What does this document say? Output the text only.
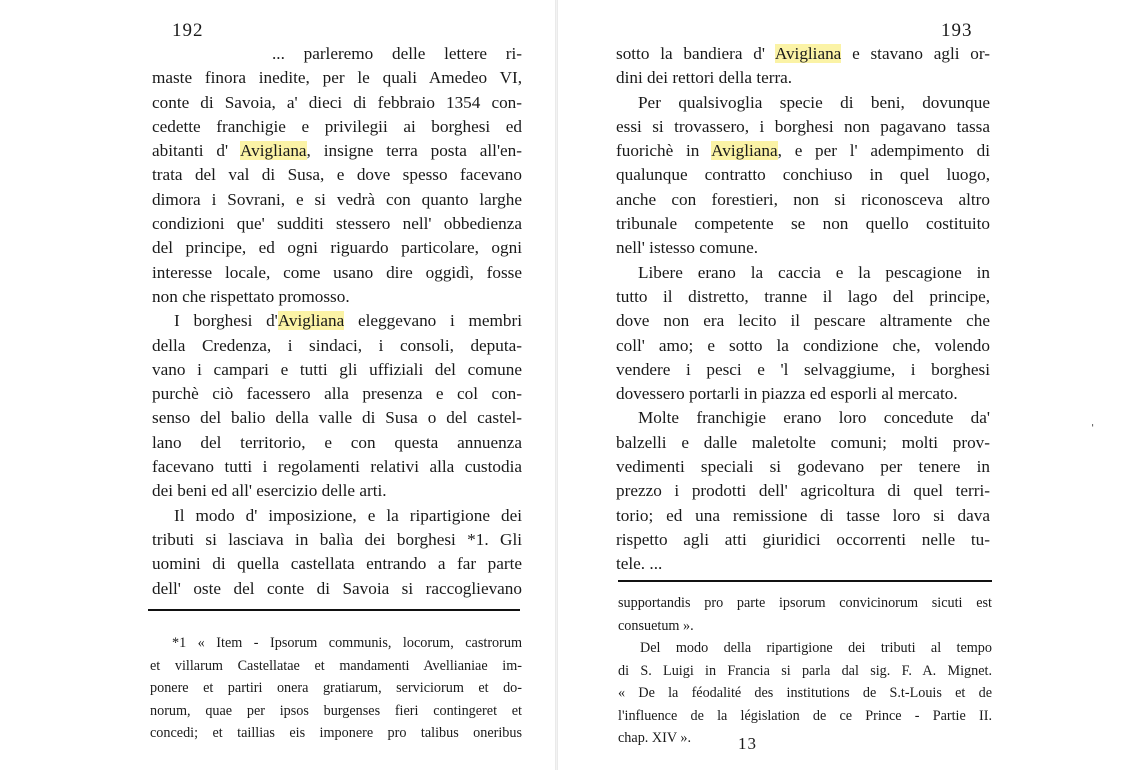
192
... parleremo delle lettere ri-
maste finora inedite, per le quali Amedeo VI,
conte di Savoia, a' dieci di febbraio 1354 con-
cedette franchigie e privilegii ai borghesi ed
abitanti d' Avigliana, insigne terra posta all'en-
trata del val di Susa, e dove spesso facevano
dimora i Sovrani, e si vedrà con quanto larghe
condizioni que' sudditi stessero nell' obbedienza
del principe, ed ogni riguardo particolare, ogni
interesse locale, come usano dire oggidì, fosse
non che rispettato promosso.
I borghesi d'Avigliana eleggevano i membri
della Credenza, i sindaci, i consoli, deputa-
vano i campari e tutti gli uffiziali del comune
purchè ciò facessero alla presenza e col con-
senso del balio della valle di Susa o del castel-
lano del territorio, e con questa annuenza
facevano tutti i regolamenti relativi alla custodia
dei beni ed all' esercizio delle arti.
Il modo d' imposizione, e la ripartigione dei
tributi si lasciava in balìa dei borghesi *1. Gli
uomini di quella castellata entrando a far parte
dell' oste del conte di Savoia si raccoglievano
*1 « Item - Ipsorum communis, locorum, castrorum
et villarum Castellatae et mandamenti Avellianiae im-
ponere et partiri onera gratiarum, serviciorum et do-
norum, quae per ipsos burgenses fieri contingeret et
concedi; et taillias eis imponere pro talibus oneribus
193
sotto la bandiera d' Avigliana e stavano agli or-
dini dei rettori della terra.
Per qualsivoglia specie di beni, dovunque
essi si trovassero, i borghesi non pagavano tassa
fuorichè in Avigliana, e per l' adempimento di
qualunque contratto conchiuso in quel luogo,
anche con forestieri, non si riconosceva altro
tribunale competente se non quello costituito
nell' istesso comune.
Libere erano la caccia e la pescagione in
tutto il distretto, tranne il lago del principe,
dove non era lecito il pescare altramente che
coll' amo; e sotto la condizione che, volendo
vendere i pesci e 'l selvaggiume, i borghesi
dovessero portarli in piazza ed esporli al mercato.
Molte franchigie erano loro concedute da'
balzelli e dalle maletolte comuni; molti prov-
vedimenti speciali si godevano per tenere in
prezzo i prodotti dell' agricoltura di quel terri-
torio; ed una remissione di tasse loro si dava
rispetto agli atti giuridici occorrenti nelle tu-
tele. ...
supportandis pro parte ipsorum convicinorum sicuti est
consuetum ».
Del modo della ripartigione dei tributi al tempo
di S. Luigi in Francia si parla dal sig. F. A. Mignet.
« De la féodalité des institutions de S.t-Louis et de
l'influence de la législation de ce Prince - Partie II.
chap. XIV ».	13
ˌ
